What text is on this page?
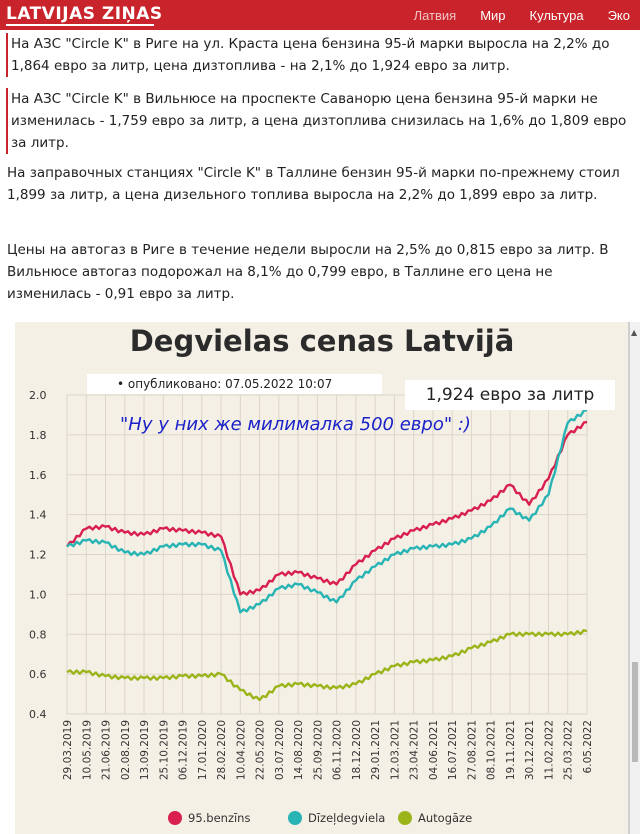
LATVIJAS ZIŅAS	Латвия Мир Культура Эко

На АЗС "Circle K" в Риге на ул. Краста цена бензина 95-й марки выросла на 2,2% до 1,864 евро за литр, цена дизтоплива - на 2,1% до 1,924 евро за литр.

На АЗС "Circle K" в Вильнюсе на проспекте Саванорю цена бензина 95-й марки не изменилась - 1,759 евро за литр, а цена дизтоплива снизилась на 1,6% до 1,809 евро за литр.

На заправочных станциях "Circle K" в Таллине бензин 95-й марки по-прежнему стоил 1,899 за литр, а цена дизельного топлива выросла на 2,2% до 1,899 евро за литр.

Цены на автогаз в Риге в течение недели выросли на 2,5% до 0,815 евро за литр. В Вильнюсе автогаз подорожал на 8,1% до 0,799 евро, в Таллине его цена не изменилась - 0,91 евро за литр.

0.4
0.6
0.8
1.0
1.2
1.4
1.6
1.8
2.0
29.03.2019 10.05.2019 21.06.2019 02.08.2019 13.09.2019 25.10.2019 06.12.2019 17.01.2020 28.02.2020 10.04.2020 22.05.2020 03.07.2020 14.08.2020 25.09.2020 06.11.2020 18.12.2020 29.01.2021 12.03.2021 23.04.2021 04.06.2021 16.07.2021 27.08.2021 08.10.2021 19.11.2021 30.12.2021 11.02.2022 25.03.2022 6.05.2022
95.benzīns	Dīzeļdegviela	Autogāze
Degvielas cenas Latvijā
• опубликовано: 07.05.2022 10:07
1,924 евро за литр
"Ну у них же милималка 500 евро" :)
▲
